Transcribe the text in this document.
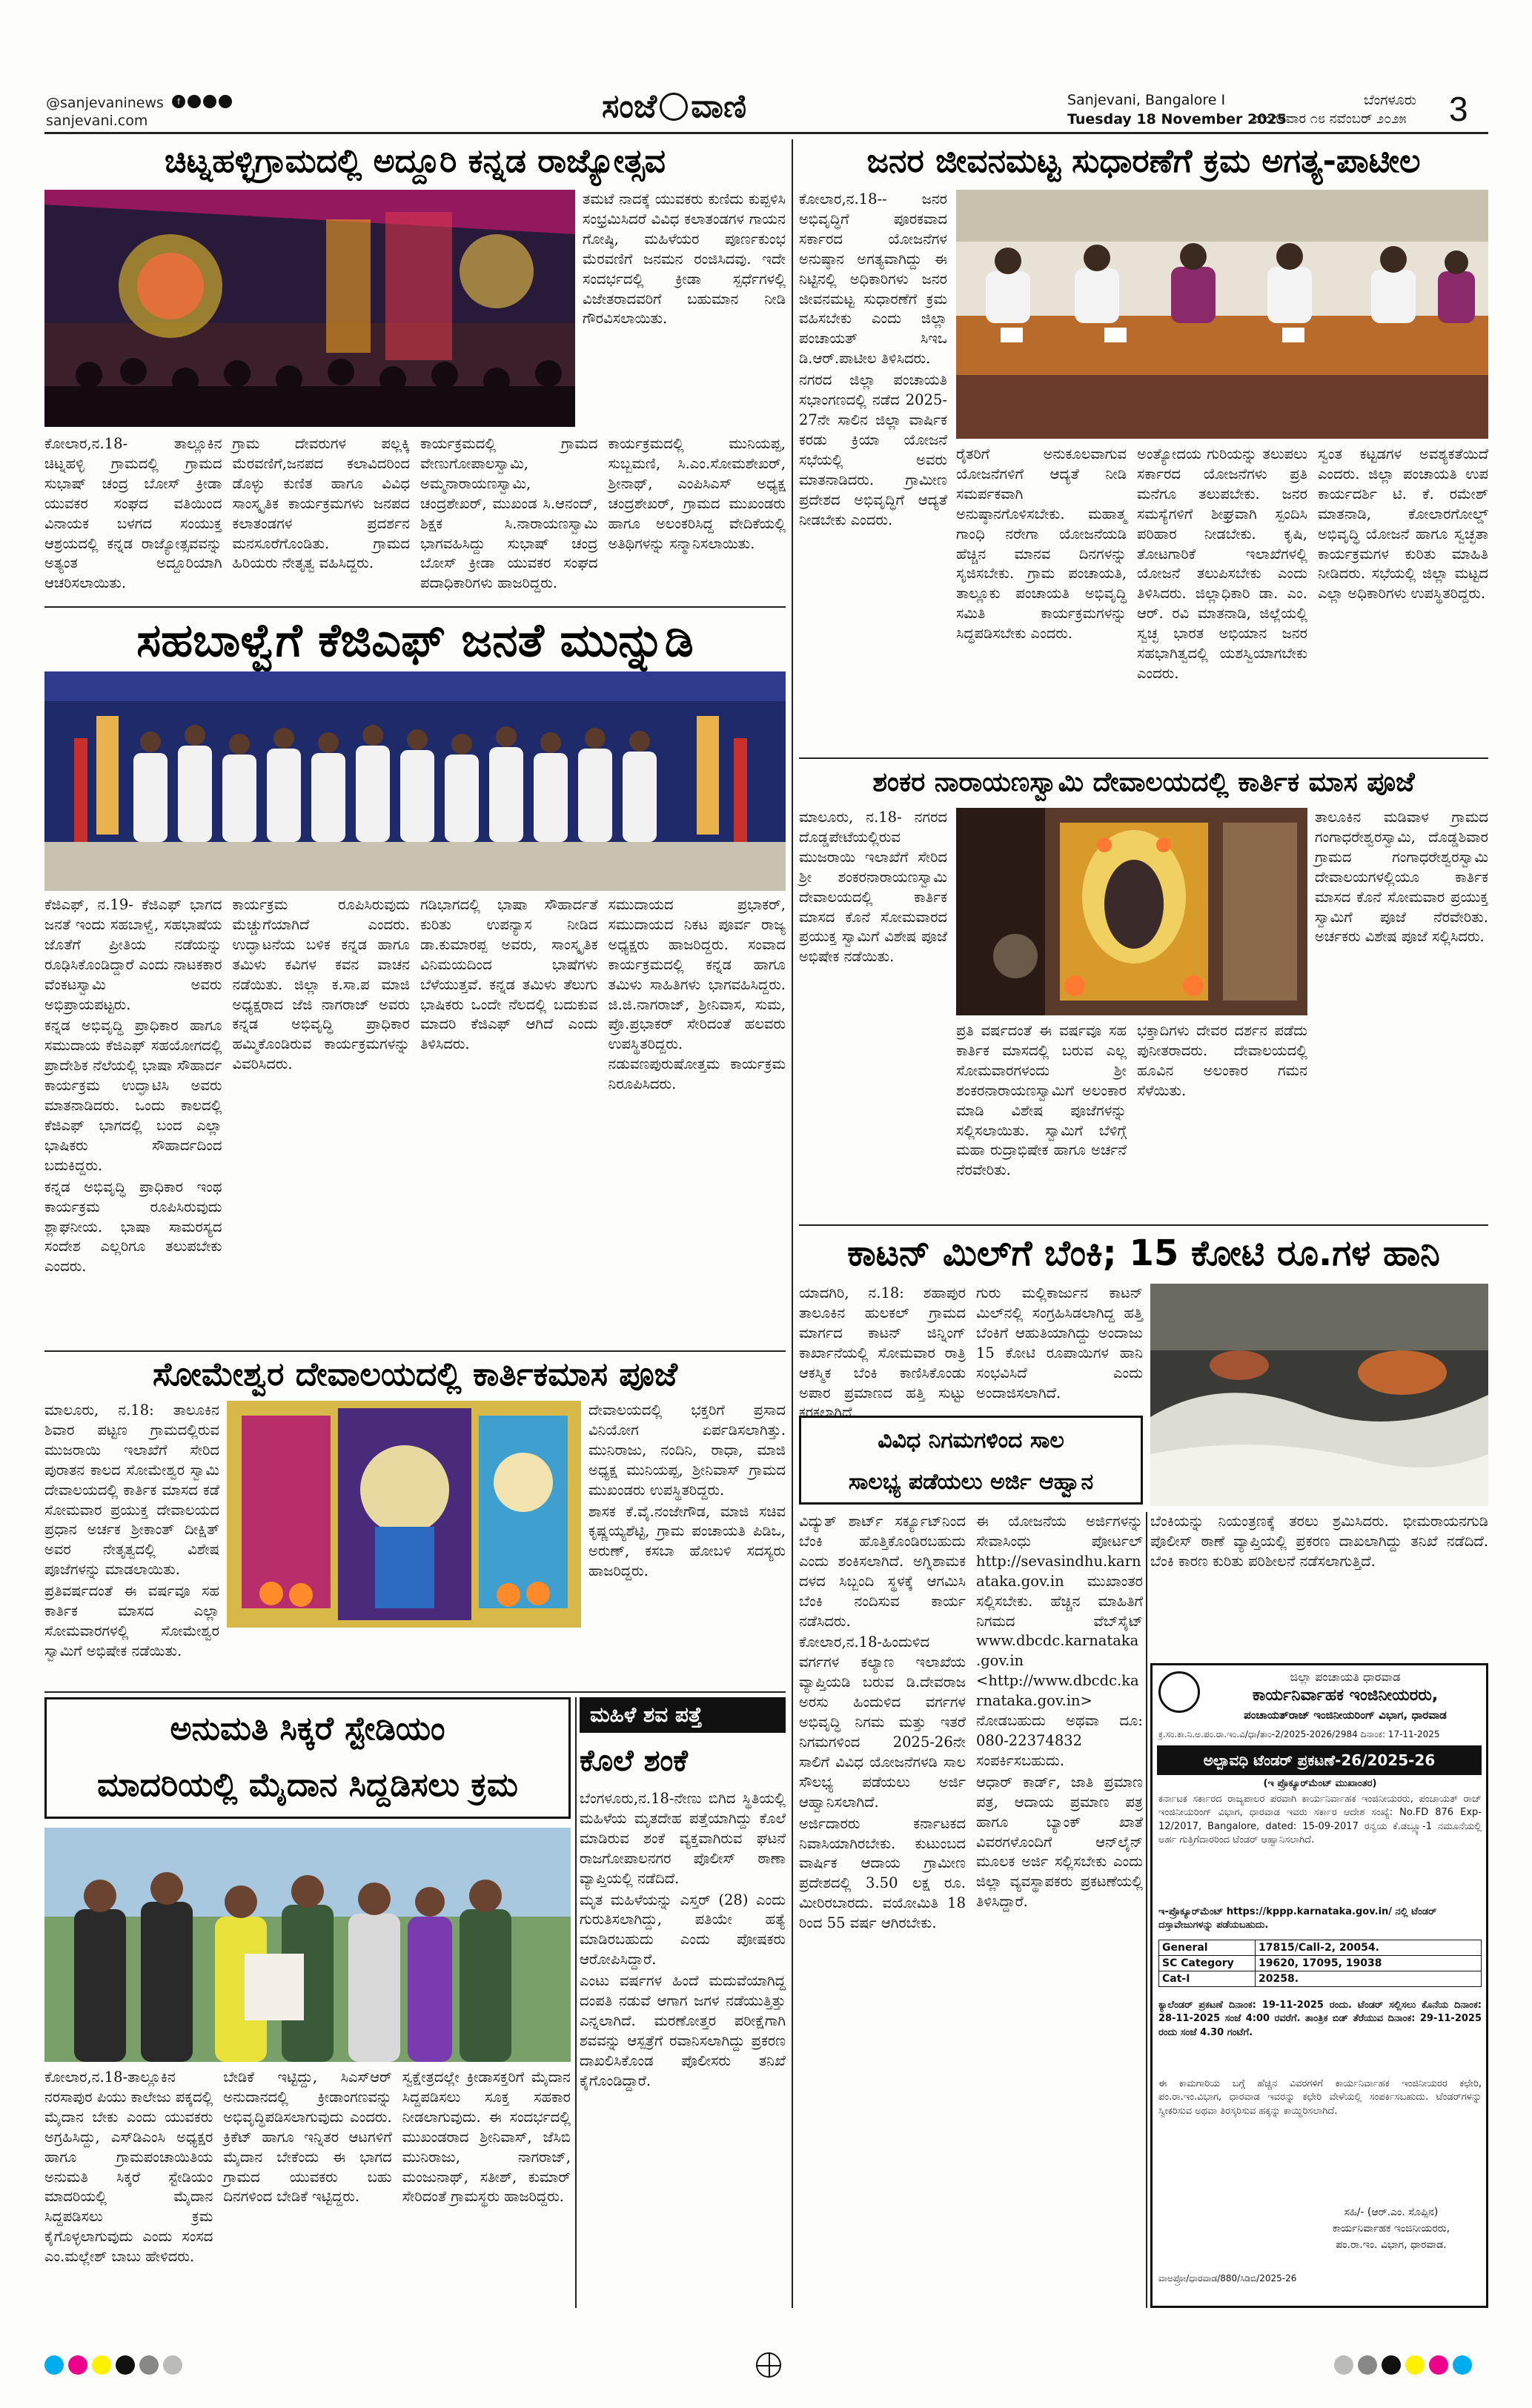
@sanjevaninews	f
sanjevani.com	ಸಂಜೆ ವಾಣಿ	Sanjevani, Bangalore I	ಬೆಂಗಳೂರು
Tuesday 18 November 2025
ಮಂಗಳವಾರ ೧೮ ನವೆಂಬರ್ ೨೦೨೫ 3
ಚಿಟ್ನಹಳ್ಳಿಗ್ರಾಮದಲ್ಲಿ ಅದ್ದೂರಿ ಕನ್ನಡ ರಾಜ್ಯೋತ್ಸವ

ತಮಟೆ ನಾದಕ್ಕೆ ಯುವಕರು ಕುಣಿದು ಕುಪ್ಪಳಿಸಿ ಸಂಭ್ರಮಿಸಿದರೆ ವಿವಿಧ ಕಲಾತಂಡಗಳ ಗಾಯನ ಗೋಷ್ಠಿ, ಮಹಿಳೆಯರ ಪೂರ್ಣಕುಂಭ ಮೆರವಣಿಗೆ ಜನಮನ ರಂಜಿಸಿದವು. ಇದೇ ಸಂದರ್ಭದಲ್ಲಿ ಕ್ರೀಡಾ ಸ್ಪರ್ಧೆಗಳಲ್ಲಿ ವಿಜೇತರಾದವರಿಗೆ ಬಹುಮಾನ ನೀಡಿ ಗೌರವಿಸಲಾಯಿತು.

ಕೋಲಾರ,ನ.18- ತಾಲ್ಲೂಕಿನ ಚಿಟ್ನಹಳ್ಳಿ ಗ್ರಾಮದಲ್ಲಿ ಗ್ರಾಮದ ಸುಭಾಷ್ ಚಂದ್ರ ಬೋಸ್ ಕ್ರೀಡಾ ಯುವಕರ ಸಂಘದ ವತಿಯಿಂದ ವಿನಾಯಕ ಬಳಗದ ಸಂಯುಕ್ತ ಆಶ್ರಯದಲ್ಲಿ ಕನ್ನಡ ರಾಜ್ಯೋತ್ಸವವನ್ನು ಅತ್ಯಂತ ಅದ್ದೂರಿಯಾಗಿ ಆಚರಿಸಲಾಯಿತು.

ಗ್ರಾಮ ದೇವರುಗಳ ಪಲ್ಲಕ್ಕಿ ಮೆರವಣಿಗೆ,ಜನಪದ ಕಲಾವಿದರಿಂದ ಡೊಳ್ಳು ಕುಣಿತ ಹಾಗೂ ವಿವಿಧ ಸಾಂಸ್ಕೃತಿಕ ಕಾರ್ಯಕ್ರಮಗಳು ಜನಪದ ಕಲಾತಂಡಗಳ ಪ್ರದರ್ಶನ ಮನಸೂರೆಗೊಂಡಿತು. ಗ್ರಾಮದ ಹಿರಿಯರು ನೇತೃತ್ವ ವಹಿಸಿದ್ದರು.

ಕಾರ್ಯಕ್ರಮದಲ್ಲಿ ಗ್ರಾಮದ ವೇಣುಗೋಪಾಲಸ್ವಾಮಿ, ಅಮ್ಮನಾರಾಯಣಸ್ವಾಮಿ, ಚಂದ್ರಶೇಖರ್, ಮುಖಂಡ ಸಿ.ಆನಂದ್, ಶಿಕ್ಷಕ ಸಿ.ನಾರಾಯಣಸ್ವಾಮಿ ಭಾಗವಹಿಸಿದ್ದು ಸುಭಾಷ್ ಚಂದ್ರ ಬೋಸ್ ಕ್ರೀಡಾ ಯುವಕರ ಸಂಘದ ಪದಾಧಿಕಾರಿಗಳು ಹಾಜರಿದ್ದರು.

ಕಾರ್ಯಕ್ರಮದಲ್ಲಿ ಮುನಿಯಪ್ಪ, ಸುಬ್ಬಮಣಿ, ಸಿ.ಎಂ.ಸೋಮಶೇಖರ್, ಶ್ರೀನಾಥ್, ಎಂಪಿಸಿಎಸ್ ಅಧ್ಯಕ್ಷ ಚಂದ್ರಶೇಖರ್, ಗ್ರಾಮದ ಮುಖಂಡರು ಹಾಗೂ ಅಲಂಕರಿಸಿದ್ದ ವೇದಿಕೆಯಲ್ಲಿ ಅತಿಥಿಗಳನ್ನು ಸನ್ಮಾನಿಸಲಾಯಿತು.

ಸಹಬಾಳ್ವೆಗೆ ಕೆಜಿಎಫ್ ಜನತೆ ಮುನ್ನುಡಿ

ಕೆಜಿಎಫ್, ನ.19- ಕೆಜಿಎಫ್ ಭಾಗದ ಜನತೆ ಇಂದು ಸಹಬಾಳ್ವೆ, ಸಹಭಾಷೆಯ ಜೊತೆಗೆ ಪ್ರೀತಿಯ ನಡೆಯನ್ನು ರೂಢಿಸಿಕೊಂಡಿದ್ದಾರೆ ಎಂದು ನಾಟಕಕಾರ ವೆಂಕಟಸ್ವಾಮಿ ಅವರು ಅಭಿಪ್ರಾಯಪಟ್ಟರು.

ಕನ್ನಡ ಅಭಿವೃದ್ಧಿ ಪ್ರಾಧಿಕಾರ ಹಾಗೂ ಸಮುದಾಯ ಕೆಜಿಎಫ್ ಸಹಯೋಗದಲ್ಲಿ ಪ್ರಾದೇಶಿಕ ನೆಲೆಯಲ್ಲಿ ಭಾಷಾ ಸೌಹಾರ್ದ ಕಾರ್ಯಕ್ರಮ ಉದ್ಘಾಟಿಸಿ ಅವರು ಮಾತನಾಡಿದರು. ಒಂದು ಕಾಲದಲ್ಲಿ ಕೆಜಿಎಫ್ ಭಾಗದಲ್ಲಿ ಬಂದ ಎಲ್ಲಾ ಭಾಷಿಕರು ಸೌಹಾರ್ದದಿಂದ ಬದುಕಿದ್ದರು.

ಕನ್ನಡ ಅಭಿವೃದ್ಧಿ ಪ್ರಾಧಿಕಾರ ಇಂಥ ಕಾರ್ಯಕ್ರಮ ರೂಪಿಸಿರುವುದು ಶ್ಲಾಘನೀಯ. ಭಾಷಾ ಸಾಮರಸ್ಯದ ಸಂದೇಶ ಎಲ್ಲರಿಗೂ ತಲುಪಬೇಕು ಎಂದರು.

ಕಾರ್ಯಕ್ರಮ ರೂಪಿಸಿರುವುದು ಮೆಚ್ಚುಗೆಯಾಗಿದೆ ಎಂದರು. ಉದ್ಘಾಟನೆಯ ಬಳಿಕ ಕನ್ನಡ ಹಾಗೂ ತಮಿಳು ಕವಿಗಳ ಕವನ ವಾಚನ ನಡೆಯಿತು. ಜಿಲ್ಲಾ ಕ.ಸಾ.ಪ ಮಾಜಿ ಅಧ್ಯಕ್ಷರಾದ ಜೆಜಿ ನಾಗರಾಜ್ ಅವರು ಕನ್ನಡ ಅಭಿವೃದ್ಧಿ ಪ್ರಾಧಿಕಾರ ಹಮ್ಮಿಕೊಂಡಿರುವ ಕಾರ್ಯಕ್ರಮಗಳನ್ನು ವಿವರಿಸಿದರು.

ಗಡಿಭಾಗದಲ್ಲಿ ಭಾಷಾ ಸೌಹಾರ್ದತೆ ಕುರಿತು ಉಪನ್ಯಾಸ ನೀಡಿದ ಡಾ.ಕುಮಾರಪ್ಪ ಅವರು, ಸಾಂಸ್ಕೃತಿಕ ವಿನಿಮಯದಿಂದ ಭಾಷೆಗಳು ಬೆಳೆಯುತ್ತವೆ. ಕನ್ನಡ ತಮಿಳು ತೆಲುಗು ಭಾಷಿಕರು ಒಂದೇ ನೆಲದಲ್ಲಿ ಬದುಕುವ ಮಾದರಿ ಕೆಜಿಎಫ್ ಆಗಿದೆ ಎಂದು ತಿಳಿಸಿದರು.

ಸಮುದಾಯದ ಪ್ರಭಾಕರ್, ಸಮುದಾಯದ ನಿಕಟ ಪೂರ್ವ ರಾಜ್ಯ ಅಧ್ಯಕ್ಷರು ಹಾಜರಿದ್ದರು. ಸಂವಾದ ಕಾರ್ಯಕ್ರಮದಲ್ಲಿ ಕನ್ನಡ ಹಾಗೂ ತಮಿಳು ಸಾಹಿತಿಗಳು ಭಾಗವಹಿಸಿದ್ದರು. ಜಿ.ಜಿ.ನಾಗರಾಜ್, ಶ್ರೀನಿವಾಸ, ಸುಮ, ಪ್ರೊ.ಪ್ರಭಾಕರ್ ಸೇರಿದಂತೆ ಹಲವರು ಉಪಸ್ಥಿತರಿದ್ದರು. ನಡುವಣಪುರುಷೋತ್ತಮ ಕಾರ್ಯಕ್ರಮ ನಿರೂಪಿಸಿದರು.

ಸೋಮೇಶ್ವರ ದೇವಾಲಯದಲ್ಲಿ ಕಾರ್ತಿಕಮಾಸ ಪೂಜೆ

ಮಾಲೂರು, ನ.18: ತಾಲೂಕಿನ ಶಿವಾರ ಪಟ್ಟಣ ಗ್ರಾಮದಲ್ಲಿರುವ ಮುಜರಾಯಿ ಇಲಾಖೆಗೆ ಸೇರಿದ ಪುರಾತನ ಕಾಲದ ಸೋಮೇಶ್ವರ ಸ್ವಾಮಿ ದೇವಾಲಯದಲ್ಲಿ ಕಾರ್ತಿಕ ಮಾಸದ ಕಡೆ ಸೋಮವಾರ ಪ್ರಯುಕ್ತ ದೇವಾಲಯದ ಪ್ರಧಾನ ಅರ್ಚಕ ಶ್ರೀಕಾಂತ್ ದೀಕ್ಷಿತ್ ಅವರ ನೇತೃತ್ವದಲ್ಲಿ ವಿಶೇಷ ಪೂಜೆಗಳನ್ನು ಮಾಡಲಾಯಿತು.

ಪ್ರತಿವರ್ಷದಂತೆ ಈ ವರ್ಷವೂ ಸಹ ಕಾರ್ತಿಕ ಮಾಸದ ಎಲ್ಲಾ ಸೋಮವಾರಗಳಲ್ಲಿ ಸೋಮೇಶ್ವರ ಸ್ವಾಮಿಗೆ ಅಭಿಷೇಕ ನಡೆಯಿತು.

ದೇವಾಲಯದಲ್ಲಿ ಭಕ್ತರಿಗೆ ಪ್ರಸಾದ ವಿನಿಯೋಗ ಏರ್ಪಡಿಸಲಾಗಿತ್ತು. ಮುನಿರಾಜು, ನಂದಿನಿ, ರಾಧಾ, ಮಾಜಿ ಅಧ್ಯಕ್ಷ ಮುನಿಯಪ್ಪ, ಶ್ರೀನಿವಾಸ್ ಗ್ರಾಮದ ಮುಖಂಡರು ಉಪಸ್ಥಿತರಿದ್ದರು.

ಶಾಸಕ ಕೆ.ವೈ.ನಂಜೇಗೌಡ, ಮಾಜಿ ಸಚಿವ ಕೃಷ್ಣಯ್ಯಶೆಟ್ಟಿ, ಗ್ರಾಮ ಪಂಚಾಯತಿ ಪಿಡಿಒ, ಅರುಣ್, ಕಸಬಾ ಹೋಬಳಿ ಸದಸ್ಯರು ಹಾಜರಿದ್ದರು.

ಅನುಮತಿ ಸಿಕ್ಕರೆ ಸ್ಟೇಡಿಯಂ
ಮಾದರಿಯಲ್ಲಿ ಮೈದಾನ ಸಿದ್ದಡಿಸಲು ಕ್ರಮ

ಕೋಲಾರ,ನ.18-ತಾಲ್ಲೂಕಿನ ನರಸಾಪುರ ಪಿಯು ಕಾಲೇಜು ಪಕ್ಕದಲ್ಲಿ ಮೈದಾನ ಬೇಕು ಎಂದು ಯುವಕರು ಅಗ್ರಹಿಸಿದ್ದು, ಎಸ್‌ಡಿಎಂಸಿ ಅಧ್ಯಕ್ಷರ ಹಾಗೂ ಗ್ರಾಮಪಂಚಾಯಿತಿಯ ಅನುಮತಿ ಸಿಕ್ಕರೆ ಸ್ಟೇಡಿಯಂ ಮಾದರಿಯಲ್ಲಿ ಮೈದಾನ ಸಿದ್ದಪಡಿಸಲು ಕ್ರಮ ಕೈಗೊಳ್ಳಲಾಗುವುದು ಎಂದು ಸಂಸದ ಎಂ.ಮಲ್ಲೇಶ್ ಬಾಬು ಹೇಳಿದರು.

ಬೇಡಿಕೆ ಇಟ್ಟಿದ್ದು, ಸಿಎಸ್‌ಆರ್ ಅನುದಾನದಲ್ಲಿ ಕ್ರೀಡಾಂಗಣವನ್ನು ಅಭಿವೃದ್ಧಿಪಡಿಸಲಾಗುವುದು ಎಂದರು. ಕ್ರಿಕೆಟ್ ಹಾಗೂ ಇನ್ನಿತರ ಆಟಗಳಿಗೆ ಮೈದಾನ ಬೇಕೆಂದು ಈ ಭಾಗದ ಗ್ರಾಮದ ಯುವಕರು ಬಹು ದಿನಗಳಿಂದ ಬೇಡಿಕೆ ಇಟ್ಟಿದ್ದರು.

ಸ್ವಕ್ಷೇತ್ರದಲ್ಲೇ ಕ್ರೀಡಾಸಕ್ತರಿಗೆ ಮೈದಾನ ಸಿದ್ದಪಡಿಸಲು ಸೂಕ್ತ ಸಹಕಾರ ನೀಡಲಾಗುವುದು. ಈ ಸಂದರ್ಭದಲ್ಲಿ ಮುಖಂಡರಾದ ಶ್ರೀನಿವಾಸ್, ಜೆಸಿಬಿ ಮುನಿರಾಜು, ನಾಗರಾಜ್, ಮಂಜುನಾಥ್, ಸತೀಶ್, ಕುಮಾರ್ ಸೇರಿದಂತೆ ಗ್ರಾಮಸ್ಥರು ಹಾಜರಿದ್ದರು.

ಮಹಿಳೆ ಶವ ಪತ್ತೆ
ಕೊಲೆ ಶಂಕೆ

ಬೆಂಗಳೂರು,ನ.18-ನೇಣು ಬಿಗಿದ ಸ್ಥಿತಿಯಲ್ಲಿ ಮಹಿಳೆಯ ಮೃತದೇಹ ಪತ್ತೆಯಾಗಿದ್ದು ಕೊಲೆ ಮಾಡಿರುವ ಶಂಕೆ ವ್ಯಕ್ತವಾಗಿರುವ ಘಟನೆ ರಾಜಗೋಪಾಲನಗರ ಪೊಲೀಸ್ ಠಾಣಾ ವ್ಯಾಪ್ತಿಯಲ್ಲಿ ನಡೆದಿದೆ.

ಮೃತ ಮಹಿಳೆಯನ್ನು ಎಸ್ತರ್ (28) ಎಂದು ಗುರುತಿಸಲಾಗಿದ್ದು, ಪತಿಯೇ ಹತ್ಯೆ ಮಾಡಿರಬಹುದು ಎಂದು ಪೋಷಕರು ಆರೋಪಿಸಿದ್ದಾರೆ.

ಎಂಟು ವರ್ಷಗಳ ಹಿಂದೆ ಮದುವೆಯಾಗಿದ್ದ ದಂಪತಿ ನಡುವೆ ಆಗಾಗ ಜಗಳ ನಡೆಯುತ್ತಿತ್ತು ಎನ್ನಲಾಗಿದೆ. ಮರಣೋತ್ತರ ಪರೀಕ್ಷೆಗಾಗಿ ಶವವನ್ನು ಆಸ್ಪತ್ರೆಗೆ ರವಾನಿಸಲಾಗಿದ್ದು ಪ್ರಕರಣ ದಾಖಲಿಸಿಕೊಂಡ ಪೊಲೀಸರು ತನಿಖೆ ಕೈಗೊಂಡಿದ್ದಾರೆ.

ಜನರ ಜೀವನಮಟ್ಟ ಸುಧಾರಣೆಗೆ ಕ್ರಮ ಅಗತ್ಯ-ಪಾಟೀಲ

ಕೋಲಾರ,ನ.18-- ಜನರ ಅಭಿವೃದ್ಧಿಗೆ ಪೂರಕವಾದ ಸರ್ಕಾರದ ಯೋಜನೆಗಳ ಅನುಷ್ಠಾನ ಅಗತ್ಯವಾಗಿದ್ದು ಈ ನಿಟ್ಟಿನಲ್ಲಿ ಅಧಿಕಾರಿಗಳು ಜನರ ಜೀವನಮಟ್ಟ ಸುಧಾರಣೆಗೆ ಕ್ರಮ ವಹಿಸಬೇಕು ಎಂದು ಜಿಲ್ಲಾ ಪಂಚಾಯತ್ ಸಿಇಒ ಡಿ.ಆರ್.ಪಾಟೀಲ ತಿಳಿಸಿದರು.

ನಗರದ ಜಿಲ್ಲಾ ಪಂಚಾಯತಿ ಸಭಾಂಗಣದಲ್ಲಿ ನಡೆದ 2025-27ನೇ ಸಾಲಿನ ಜಿಲ್ಲಾ ವಾರ್ಷಿಕ ಕರಡು ಕ್ರಿಯಾ ಯೋಜನೆ ಸಭೆಯಲ್ಲಿ ಅವರು ಮಾತನಾಡಿದರು. ಗ್ರಾಮೀಣ ಪ್ರದೇಶದ ಅಭಿವೃದ್ಧಿಗೆ ಆದ್ಯತೆ ನೀಡಬೇಕು ಎಂದರು.

ರೈತರಿಗೆ ಅನುಕೂಲವಾಗುವ ಯೋಜನೆಗಳಿಗೆ ಆದ್ಯತೆ ನೀಡಿ ಸಮರ್ಪಕವಾಗಿ ಅನುಷ್ಠಾನಗೊಳಿಸಬೇಕು. ಮಹಾತ್ಮ ಗಾಂಧಿ ನರೇಗಾ ಯೋಜನೆಯಡಿ ಹೆಚ್ಚಿನ ಮಾನವ ದಿನಗಳನ್ನು ಸೃಜಿಸಬೇಕು. ಗ್ರಾಮ ಪಂಚಾಯತಿ, ತಾಲ್ಲೂಕು ಪಂಚಾಯತಿ ಅಭಿವೃದ್ಧಿ ಸಮಿತಿ ಕಾರ್ಯಕ್ರಮಗಳನ್ನು ಸಿದ್ಧಪಡಿಸಬೇಕು ಎಂದರು.

ಅಂತ್ಯೋದಯ ಗುರಿಯನ್ನು ತಲುಪಲು ಸರ್ಕಾರದ ಯೋಜನೆಗಳು ಪ್ರತಿ ಮನೆಗೂ ತಲುಪಬೇಕು. ಜನರ ಸಮಸ್ಯೆಗಳಿಗೆ ಶೀಘ್ರವಾಗಿ ಸ್ಪಂದಿಸಿ ಪರಿಹಾರ ನೀಡಬೇಕು. ಕೃಷಿ, ತೋಟಗಾರಿಕೆ ಇಲಾಖೆಗಳಲ್ಲಿ ಯೋಜನೆ ತಲುಪಿಸಬೇಕು ಎಂದು ತಿಳಿಸಿದರು. ಜಿಲ್ಲಾಧಿಕಾರಿ ಡಾ. ಎಂ. ಆರ್. ರವಿ ಮಾತನಾಡಿ, ಜಿಲ್ಲೆಯಲ್ಲಿ ಸ್ವಚ್ಛ ಭಾರತ ಅಭಿಯಾನ ಜನರ ಸಹಭಾಗಿತ್ವದಲ್ಲಿ ಯಶಸ್ವಿಯಾಗಬೇಕು ಎಂದರು.

ಸ್ವಂತ ಕಟ್ಟಡಗಳ ಅವಶ್ಯಕತೆಯಿದೆ ಎಂದರು. ಜಿಲ್ಲಾ ಪಂಚಾಯತಿ ಉಪ ಕಾರ್ಯದರ್ಶಿ ಟಿ. ಕೆ. ರಮೇಶ್ ಮಾತನಾಡಿ, ಕೋಲಾರಗೋಲ್ಡ್ ಅಭಿವೃದ್ಧಿ ಯೋಜನೆ ಹಾಗೂ ಸ್ವಚ್ಛತಾ ಕಾರ್ಯಕ್ರಮಗಳ ಕುರಿತು ಮಾಹಿತಿ ನೀಡಿದರು. ಸಭೆಯಲ್ಲಿ ಜಿಲ್ಲಾ ಮಟ್ಟದ ಎಲ್ಲಾ ಅಧಿಕಾರಿಗಳು ಉಪಸ್ಥಿತರಿದ್ದರು.

ಶಂಕರ ನಾರಾಯಣಸ್ವಾಮಿ ದೇವಾಲಯದಲ್ಲಿ ಕಾರ್ತಿಕ ಮಾಸ ಪೂಜೆ

ಮಾಲೂರು, ನ.18- ನಗರದ ದೊಡ್ಡಪೇಟೆಯಲ್ಲಿರುವ ಮುಜರಾಯಿ ಇಲಾಖೆಗೆ ಸೇರಿದ ಶ್ರೀ ಶಂಕರನಾರಾಯಣಸ್ವಾಮಿ ದೇವಾಲಯದಲ್ಲಿ ಕಾರ್ತಿಕ ಮಾಸದ ಕೊನೆ ಸೋಮವಾರದ ಪ್ರಯುಕ್ತ ಸ್ವಾಮಿಗೆ ವಿಶೇಷ ಪೂಜೆ ಅಭಿಷೇಕ ನಡೆಯಿತು.

ತಾಲೂಕಿನ ಮಡಿವಾಳ ಗ್ರಾಮದ ಗಂಗಾಧರೇಶ್ವರಸ್ವಾಮಿ, ದೊಡ್ಡಶಿವಾರ ಗ್ರಾಮದ ಗಂಗಾಧರೇಶ್ವರಸ್ವಾಮಿ ದೇವಾಲಯಗಳಲ್ಲಿಯೂ ಕಾರ್ತಿಕ ಮಾಸದ ಕೊನೆ ಸೋಮವಾರ ಪ್ರಯುಕ್ತ ಸ್ವಾಮಿಗೆ ಪೂಜೆ ನೆರವೇರಿತು. ಅರ್ಚಕರು ವಿಶೇಷ ಪೂಜೆ ಸಲ್ಲಿಸಿದರು.

ಪ್ರತಿ ವರ್ಷದಂತೆ ಈ ವರ್ಷವೂ ಸಹ ಕಾರ್ತಿಕ ಮಾಸದಲ್ಲಿ ಬರುವ ಎಲ್ಲ ಸೋಮವಾರಗಳಂದು ಶ್ರೀ ಶಂಕರನಾರಾಯಣಸ್ವಾಮಿಗೆ ಅಲಂಕಾರ ಮಾಡಿ ವಿಶೇಷ ಪೂಜೆಗಳನ್ನು ಸಲ್ಲಿಸಲಾಯಿತು. ಸ್ವಾಮಿಗೆ ಬೆಳಿಗ್ಗೆ ಮಹಾ ರುದ್ರಾಭಿಷೇಕ ಹಾಗೂ ಅರ್ಚನೆ ನೆರವೇರಿತು.

ಭಕ್ತಾದಿಗಳು ದೇವರ ದರ್ಶನ ಪಡೆದು ಪುನೀತರಾದರು. ದೇವಾಲಯದಲ್ಲಿ ಹೂವಿನ ಅಲಂಕಾರ ಗಮನ ಸೆಳೆಯಿತು.

ಕಾಟನ್ ಮಿಲ್‌ಗೆ ಬೆಂಕಿ; 15 ಕೋಟಿ ರೂ.ಗಳ ಹಾನಿ

ಯಾದಗಿರಿ, ನ.18: ಶಹಾಪುರ ತಾಲೂಕಿನ ಹುಲಕಲ್ ಗ್ರಾಮದ ಮಾರ್ಗದ ಕಾಟನ್ ಜಿನ್ನಿಂಗ್ ಕಾರ್ಖಾನೆಯಲ್ಲಿ ಸೋಮವಾರ ರಾತ್ರಿ ಆಕಸ್ಮಿಕ ಬೆಂಕಿ ಕಾಣಿಸಿಕೊಂಡು ಅಪಾರ ಪ್ರಮಾಣದ ಹತ್ತಿ ಸುಟ್ಟು ಕರಕಲಾಗಿದೆ.

ಗುರು ಮಲ್ಲಿಕಾರ್ಜುನ ಕಾಟನ್ ಮಿಲ್‌ನಲ್ಲಿ ಸಂಗ್ರಹಿಸಿಡಲಾಗಿದ್ದ ಹತ್ತಿ ಬೆಂಕಿಗೆ ಆಹುತಿಯಾಗಿದ್ದು ಅಂದಾಜು 15 ಕೋಟಿ ರೂಪಾಯಿಗಳ ಹಾನಿ ಸಂಭವಿಸಿದೆ ಎಂದು ಅಂದಾಜಿಸಲಾಗಿದೆ.

ಬೆಂಕಿಯನ್ನು ನಿಯಂತ್ರಣಕ್ಕೆ ತರಲು ಶ್ರಮಿಸಿದರು. ಭೀಮರಾಯನಗುಡಿ ಪೊಲೀಸ್ ಠಾಣೆ ವ್ಯಾಪ್ತಿಯಲ್ಲಿ ಪ್ರಕರಣ ದಾಖಲಾಗಿದ್ದು ತನಿಖೆ ನಡೆದಿದೆ. ಬೆಂಕಿ ಕಾರಣ ಕುರಿತು ಪರಿಶೀಲನೆ ನಡೆಸಲಾಗುತ್ತಿದೆ.

ವಿವಿಧ ನಿಗಮಗಳಿಂದ ಸಾಲ
ಸಾಲಭ್ಯ ಪಡೆಯಲು ಅರ್ಜಿ ಆಹ್ವಾನ

ವಿದ್ಯುತ್ ಶಾರ್ಟ್ ಸರ್ಕ್ಯೂಟ್‌ನಿಂದ ಬೆಂಕಿ ಹೊತ್ತಿಕೊಂಡಿರಬಹುದು ಎಂದು ಶಂಕಿಸಲಾಗಿದೆ. ಅಗ್ನಿಶಾಮಕ ದಳದ ಸಿಬ್ಬಂದಿ ಸ್ಥಳಕ್ಕೆ ಆಗಮಿಸಿ ಬೆಂಕಿ ನಂದಿಸುವ ಕಾರ್ಯ ನಡೆಸಿದರು.

ಕೋಲಾರ,ನ.18-ಹಿಂದುಳಿದ ವರ್ಗಗಳ ಕಲ್ಯಾಣ ಇಲಾಖೆಯ ವ್ಯಾಪ್ತಿಯಡಿ ಬರುವ ಡಿ.ದೇವರಾಜ ಅರಸು ಹಿಂದುಳಿದ ವರ್ಗಗಳ ಅಭಿವೃದ್ಧಿ ನಿಗಮ ಮತ್ತು ಇತರೆ ನಿಗಮಗಳಿಂದ 2025-26ನೇ ಸಾಲಿಗೆ ವಿವಿಧ ಯೋಜನೆಗಳಡಿ ಸಾಲ ಸೌಲಭ್ಯ ಪಡೆಯಲು ಅರ್ಜಿ ಆಹ್ವಾನಿಸಲಾಗಿದೆ.

ಅರ್ಜಿದಾರರು ಕರ್ನಾಟಕದ ನಿವಾಸಿಯಾಗಿರಬೇಕು. ಕುಟುಂಬದ ವಾರ್ಷಿಕ ಆದಾಯ ಗ್ರಾಮೀಣ ಪ್ರದೇಶದಲ್ಲಿ 3.50 ಲಕ್ಷ ರೂ. ಮೀರಿರಬಾರದು. ವಯೋಮಿತಿ 18 ರಿಂದ 55 ವರ್ಷ ಆಗಿರಬೇಕು.

ಈ ಯೋಜನೆಯ ಅರ್ಜಿಗಳನ್ನು ಸೇವಾಸಿಂಧು ಪೋರ್ಟಲ್ http://sevasindhu.karnataka.gov.in ಮುಖಾಂತರ ಸಲ್ಲಿಸಬೇಕು. ಹೆಚ್ಚಿನ ಮಾಹಿತಿಗೆ ನಿಗಮದ ವೆಬ್‌ಸೈಟ್ www.dbcdc.karnataka.gov.in <http://www.dbcdc.karnataka.gov.in> ನೋಡಬಹುದು ಅಥವಾ ದೂ: 080-22374832 ಸಂಪರ್ಕಿಸಬಹುದು.

ಆಧಾರ್ ಕಾರ್ಡ್, ಜಾತಿ ಪ್ರಮಾಣ ಪತ್ರ, ಆದಾಯ ಪ್ರಮಾಣ ಪತ್ರ ಹಾಗೂ ಬ್ಯಾಂಕ್ ಖಾತೆ ವಿವರಗಳೊಂದಿಗೆ ಆನ್‌ಲೈನ್ ಮೂಲಕ ಅರ್ಜಿ ಸಲ್ಲಿಸಬೇಕು ಎಂದು ಜಿಲ್ಲಾ ವ್ಯವಸ್ಥಾಪಕರು ಪ್ರಕಟಣೆಯಲ್ಲಿ ತಿಳಿಸಿದ್ದಾರೆ.

ಜಿಲ್ಲಾ ಪಂಚಾಯತಿ ಧಾರವಾಡ
ಕಾರ್ಯನಿರ್ವಾಹಕ ಇಂಜಿನೀಯರರು,
ಪಂಚಾಯತ್‌ರಾಜ್ ಇಂಜಿನೀಯರಿಂಗ್ ವಿಭಾಗ, ಧಾರವಾಡ
ಕ್ರ.ಸಂ.ಕಾ.ನಿ.ಅ.ಪಂ.ರಾ.ಇಂ.ವಿ/ಧಾ/ತಾಂ-2/2025-2026/2984 ದಿನಾಂಕ: 17-11-2025
ಅಲ್ಪಾವಧಿ ಟೆಂಡರ್ ಪ್ರಕಟಣೆ-26/2025-26
(ಇ ಪ್ರೊಕ್ಯೂರ್‌ಮೆಂಟ್ ಮುಖಾಂತರ)
ಕರ್ನಾಟಕ ಸರ್ಕಾರದ ರಾಜ್ಯಪಾಲರ ಪರವಾಗಿ ಕಾರ್ಯನಿರ್ವಾಹಕ ಇಂಜಿನೀಯರರು, ಪಂಚಾಯತ್ ರಾಜ್ ಇಂಜಿನೀಯರಿಂಗ್ ವಿಭಾಗ, ಧಾರವಾಡ ಇವರು ಸರ್ಕಾರ ಆದೇಶ ಸಂಖ್ಯೆ: No.FD 876 Exp-12/2017, Bangalore, dated: 15-09-2017 ರನ್ವಯ ಕೆ.ಡಬ್ಲ್ಯೂ-1 ನಮೂನೆಯಲ್ಲಿ ಅರ್ಹ ಗುತ್ತಿಗೆದಾರರಿಂದ ಟೆಂಡರ್ ಆಹ್ವಾನಿಸಲಾಗಿದೆ.
ಇ-ಪ್ರೊಕ್ಯೂರ್‌ಮೆಂಟ್ https://kppp.karnataka.gov.in/ ನಲ್ಲಿ ಟೆಂಡರ್ ದಸ್ತಾವೇಜುಗಳನ್ನು ಪಡೆಯಬಹುದು.
General	17815/Call-2, 20054.
SC Category	19620, 17095, 19038
Cat-I	20258.
ಕ್ಯಾಲೆಂಡರ್ ಪ್ರಕಟಣೆ ದಿನಾಂಕ: 19-11-2025 ರಂದು. ಟೆಂಡರ್ ಸಲ್ಲಿಸಲು ಕೊನೆಯ ದಿನಾಂಕ: 28-11-2025 ಸಂಜೆ 4:00 ರವರೆಗೆ. ತಾಂತ್ರಿಕ ಬಿಡ್ ತೆರೆಯುವ ದಿನಾಂಕ: 29-11-2025 ರಂದು ಸಂಜೆ 4.30 ಗಂಟೆಗೆ.
ಈ ಕಾಮಗಾರಿಯ ಬಗ್ಗೆ ಹೆಚ್ಚಿನ ವಿವರಗಳಿಗೆ ಕಾರ್ಯನಿರ್ವಾಹಕ ಇಂಜಿನೀಯರರ ಕಛೇರಿ, ಪಂ.ರಾ.ಇಂ.ವಿಭಾಗ, ಧಾರವಾಡ ಇವರನ್ನು ಕಛೇರಿ ವೇಳೆಯಲ್ಲಿ ಸಂಪರ್ಕಿಸಬಹುದು. ಟೆಂಡರ್‌ಗಳನ್ನು ಸ್ವೀಕರಿಸುವ ಅಥವಾ ತಿರಸ್ಕರಿಸುವ ಹಕ್ಕನ್ನು ಕಾಯ್ದಿರಿಸಲಾಗಿದೆ.
ಸಹಿ/- (ಆರ್.ಎಂ. ಸೊಪ್ಪಿನ)
ಕಾರ್ಯನಿರ್ವಾಹಕ ಇಂಜಿನೀಯರರು,
ಪಂ.ರಾ.ಇಂ. ವಿಭಾಗ, ಧಾರವಾಡ.
ವಾಅಪ್ರೋ/ಧಾರವಾಡ/880/ಸಿಡಿಬಿ/2025-26
